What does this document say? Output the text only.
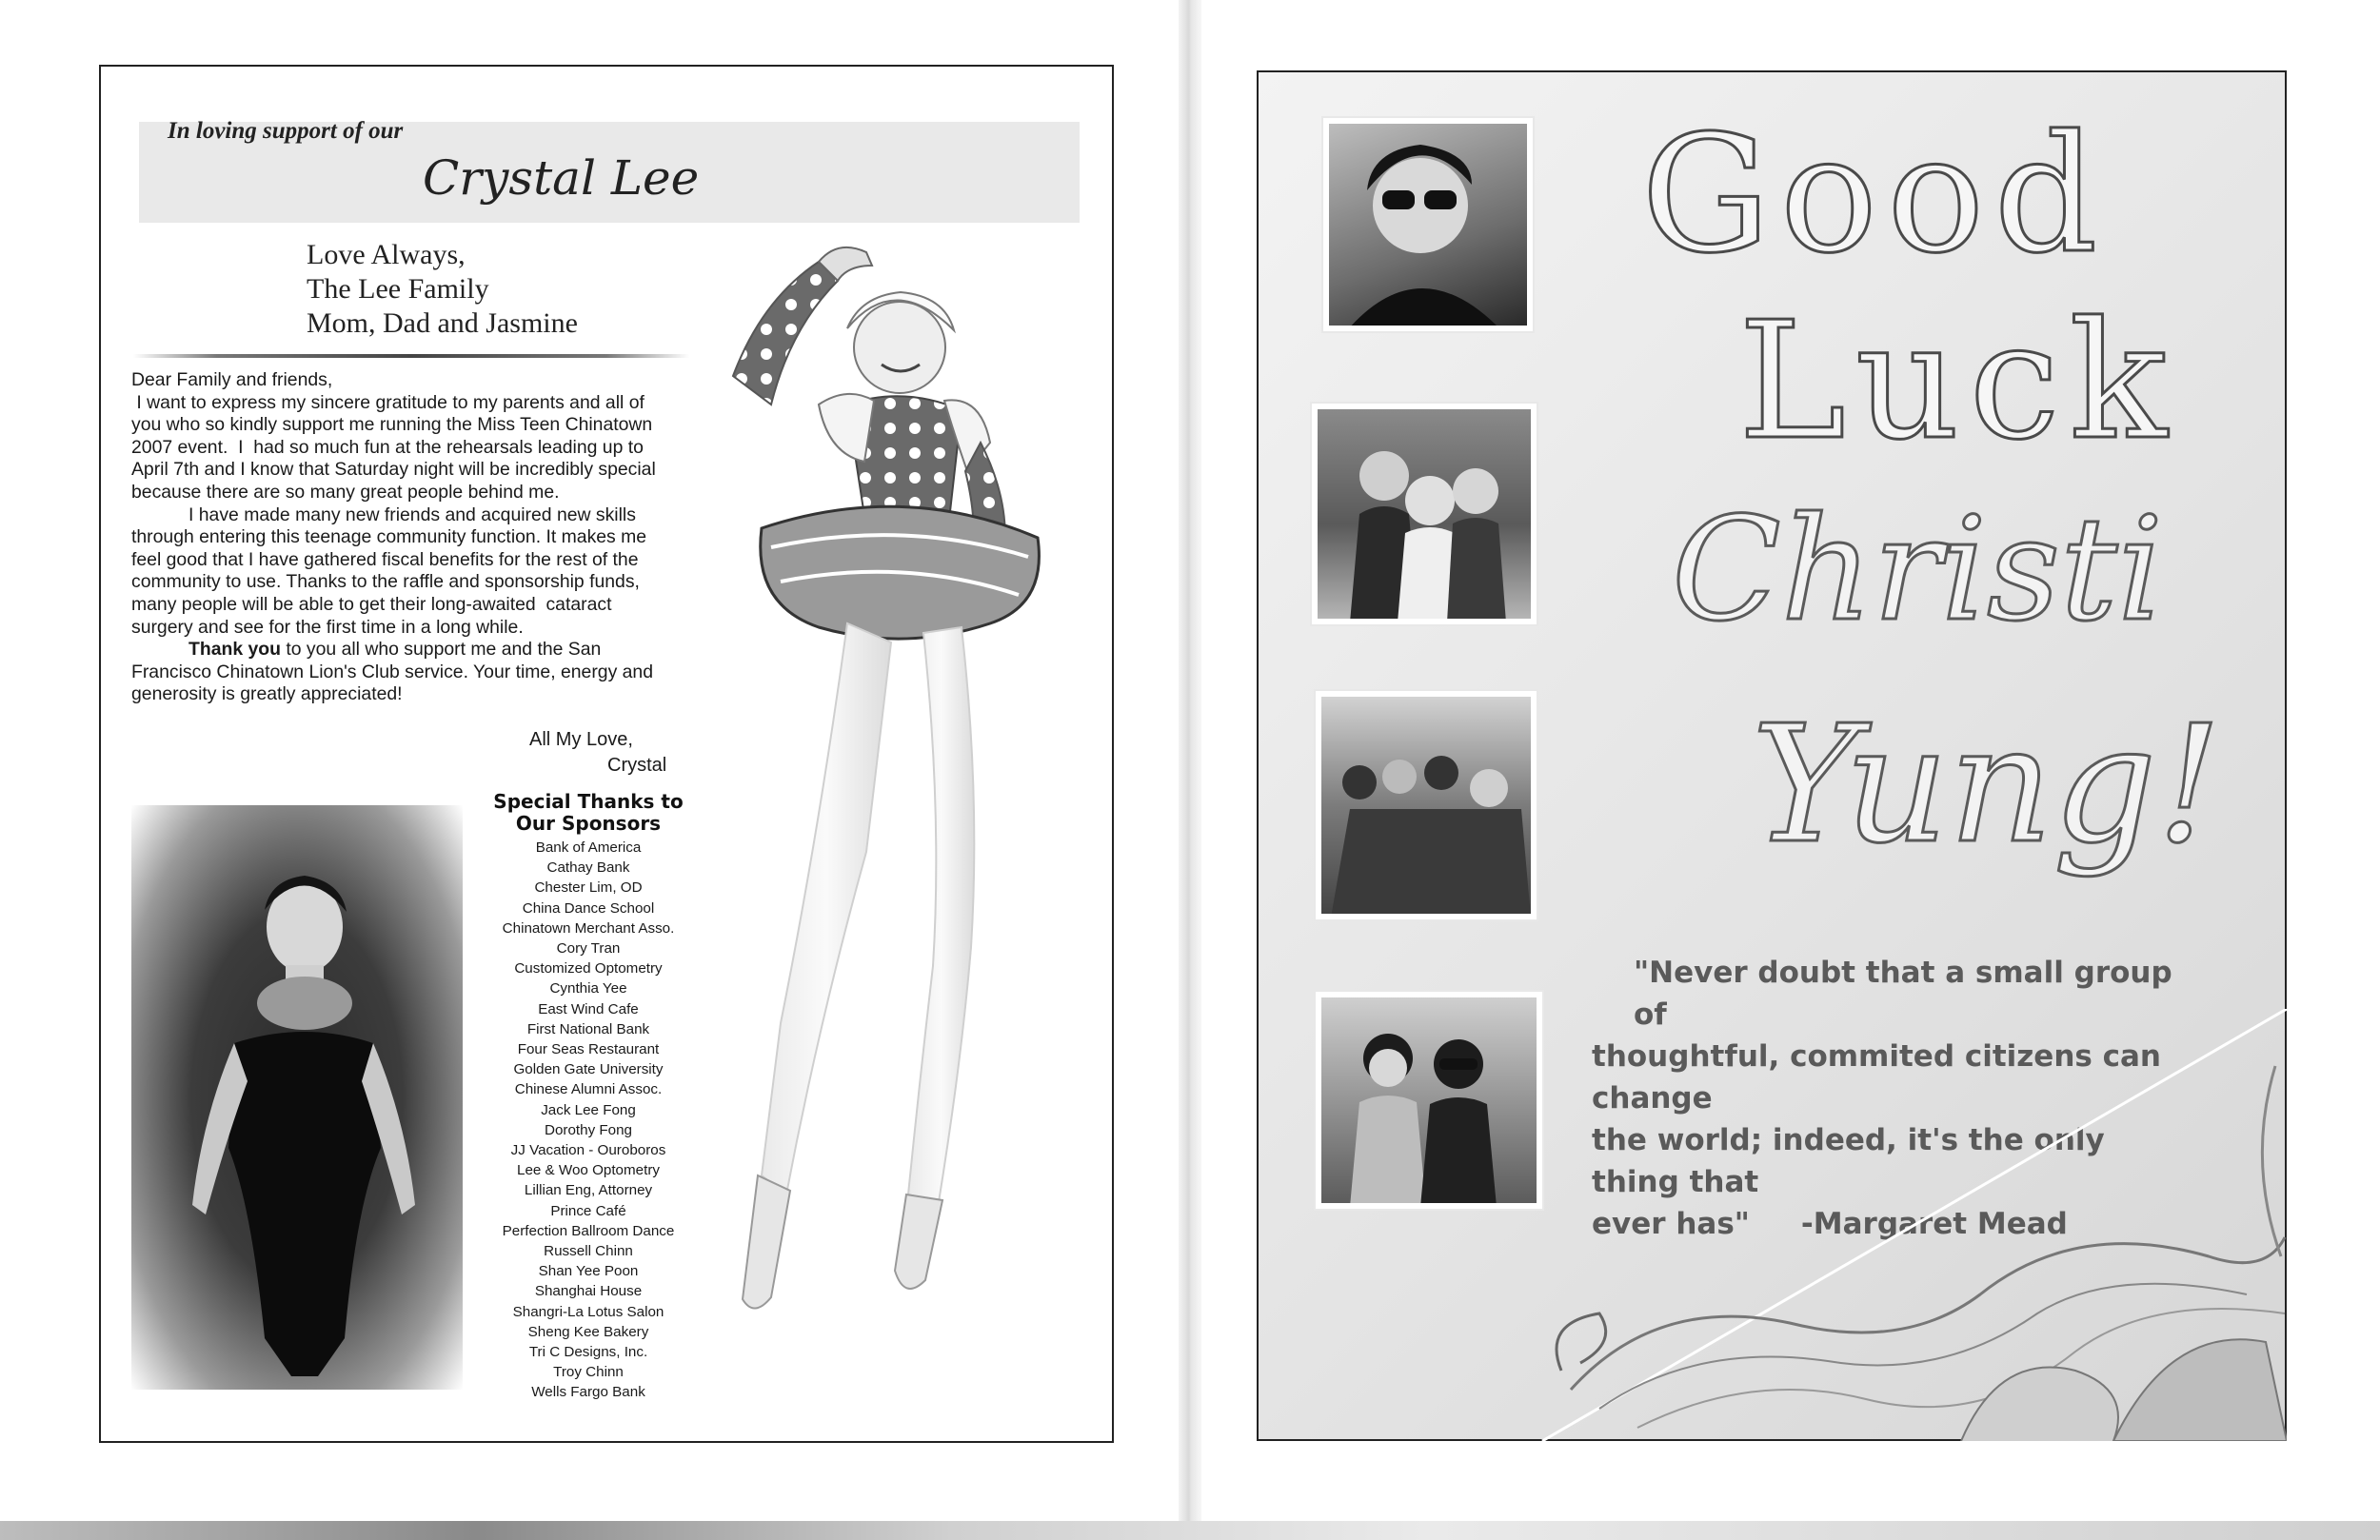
In loving support of our
Crystal Lee
Love Always,
The Lee Family
Mom, Dad and Jasmine

Dear Family and friends,

I want to express my sincere gratitude to my parents and all of

you who so kindly support me running the Miss Teen Chinatown

2007 event.  I  had so much fun at the rehearsals leading up to

April 7th and I know that Saturday night will be incredibly special

because there are so many great people behind me.

I have made many new friends and acquired new skills

through entering this teenage community function. It makes me

feel good that I have gathered fiscal benefits for the rest of the

community to use. Thanks to the raffle and sponsorship funds,

many people will be able to get their long-awaited  cataract

surgery and see for the first time in a long while.

Thank you to you all who support me and the San

Francisco Chinatown Lion's Club service. Your time, energy and

generosity is greatly appreciated!

All My Love,
Crystal
Special Thanks to
Our Sponsors
Bank of America
Cathay Bank
Chester Lim, OD
China Dance School
Chinatown Merchant Asso.
Cory Tran
Customized Optometry
Cynthia Yee
East Wind Cafe
First National Bank
Four Seas Restaurant
Golden Gate University
Chinese Alumni Assoc.
Jack Lee Fong
Dorothy Fong
JJ Vacation - Ouroboros
Lee & Woo Optometry
Lillian Eng, Attorney
Prince Café
Perfection Ballroom Dance
Russell Chinn
Shan Yee Poon
Shanghai House
Shangri-La Lotus Salon
Sheng Kee Bakery
Tri C Designs, Inc.
Troy Chinn
Wells Fargo Bank
Good
Luck
Christi
Yung!
"Never doubt that a small group of
thoughtful, commited citizens can change
the world; indeed, it's the only thing that
ever has"     -Margaret Mead
